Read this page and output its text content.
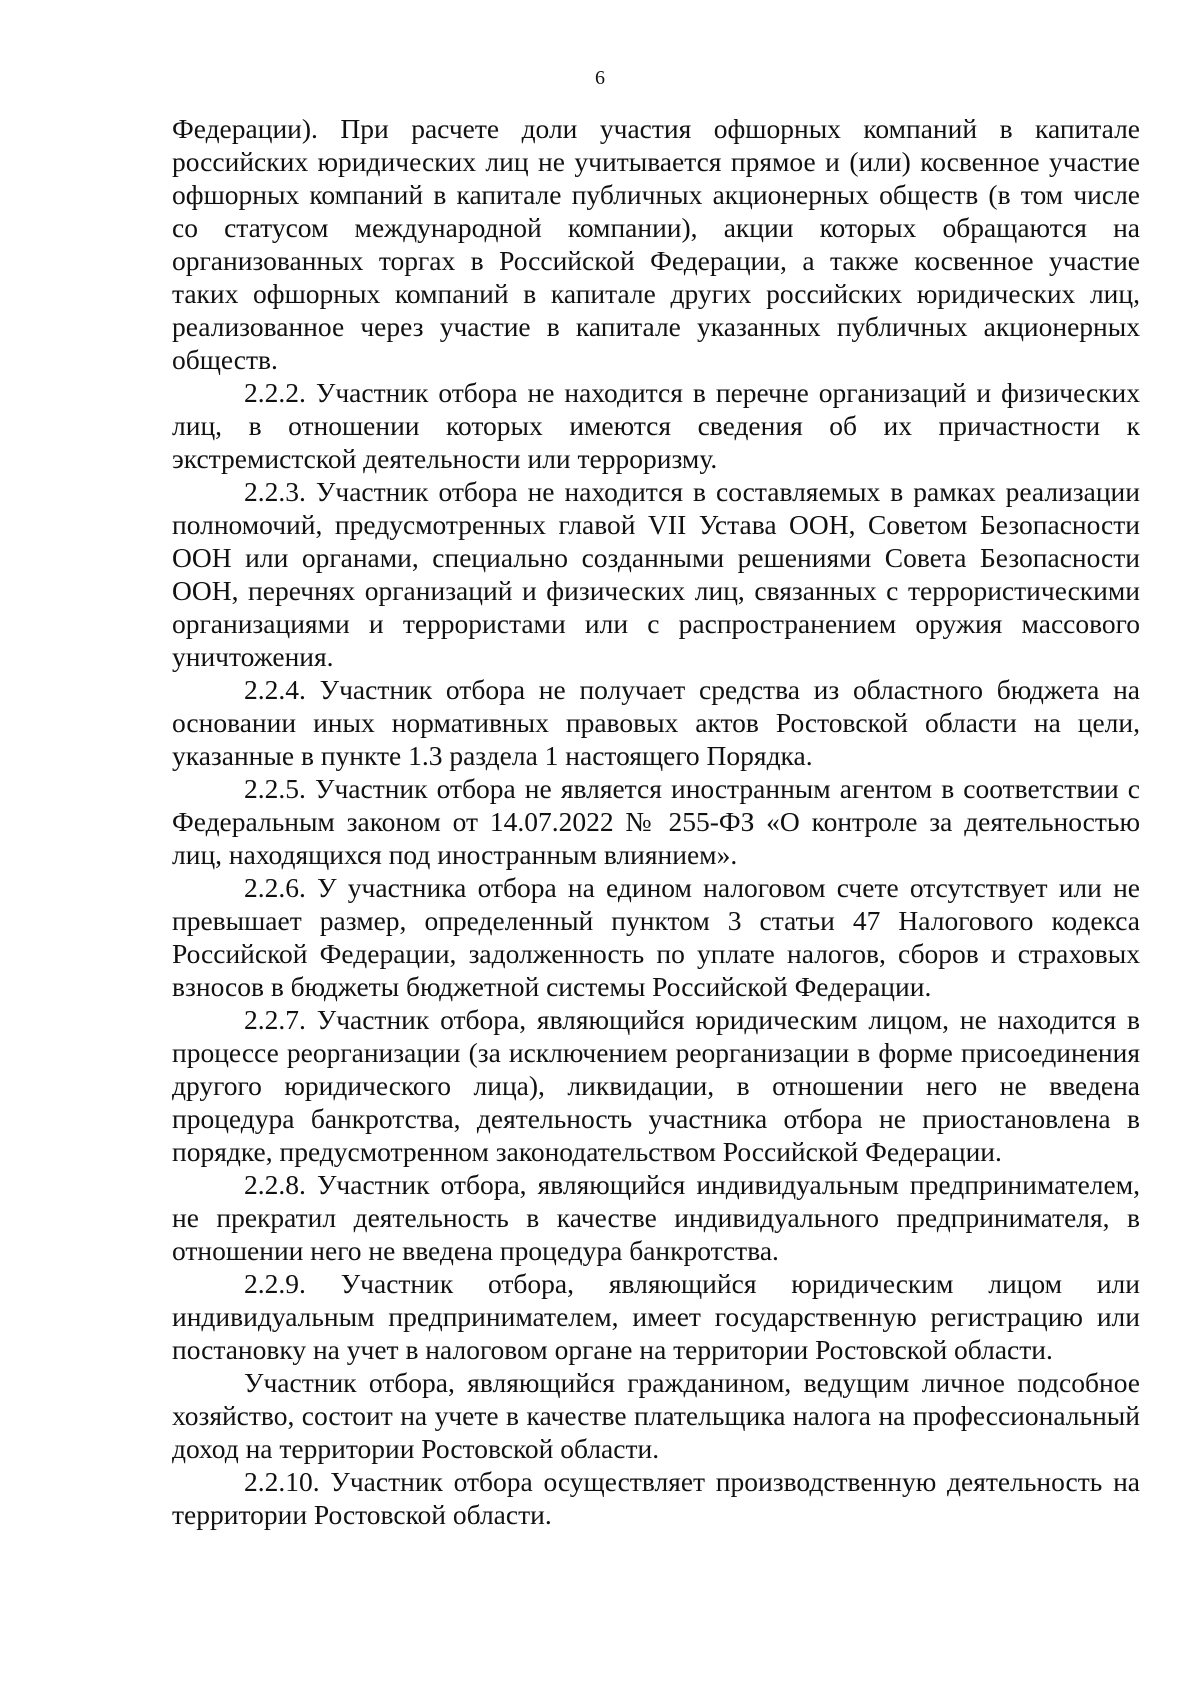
6

Федерации). При расчете доли участия офшорных компаний в капитале российских юридических лиц не учитывается прямое и (или) косвенное участие офшорных компаний в капитале публичных акционерных обществ (в том числе со статусом международной компании), акции которых обращаются на организованных торгах в Российской Федерации, а также косвенное участие таких офшорных компаний в капитале других российских юридических лиц, реализованное через участие в капитале указанных публичных акционерных обществ.

2.2.2. Участник отбора не находится в перечне организаций и физических лиц, в отношении которых имеются сведения об их причастности к экстремистской деятельности или терроризму.

2.2.3. Участник отбора не находится в составляемых в рамках реализации полномочий, предусмотренных главой VII Устава ООН, Советом Безопасности ООН или органами, специально созданными решениями Совета Безопасности ООН, перечнях организаций и физических лиц, связанных с террористическими организациями и террористами или с распространением оружия массового уничтожения.

2.2.4. Участник отбора не получает средства из областного бюджета на основании иных нормативных правовых актов Ростовской области на цели, указанные в пункте 1.3 раздела 1 настоящего Порядка.

2.2.5. Участник отбора не является иностранным агентом в соответствии с Федеральным законом от 14.07.2022 № 255-ФЗ «О контроле за деятельностью лиц, находящихся под иностранным влиянием».

2.2.6. У участника отбора на едином налоговом счете отсутствует или не превышает размер, определенный пунктом 3 статьи 47 Налогового кодекса Российской Федерации, задолженность по уплате налогов, сборов и страховых взносов в бюджеты бюджетной системы Российской Федерации.

2.2.7. Участник отбора, являющийся юридическим лицом, не находится в процессе реорганизации (за исключением реорганизации в форме присоединения другого юридического лица), ликвидации, в отношении него не введена процедура банкротства, деятельность участника отбора не приостановлена в порядке, предусмотренном законодательством Российской Федерации.

2.2.8. Участник отбора, являющийся индивидуальным предпринимателем, не прекратил деятельность в качестве индивидуального предпринимателя, в отношении него не введена процедура банкротства.

2.2.9. Участник отбора, являющийся юридическим лицом или индивидуальным предпринимателем, имеет государственную регистрацию или постановку на учет в налоговом органе на территории Ростовской области.

Участник отбора, являющийся гражданином, ведущим личное подсобное хозяйство, состоит на учете в качестве плательщика налога на профессиональный доход на территории Ростовской области.

2.2.10. Участник отбора осуществляет производственную деятельность на территории Ростовской области.
